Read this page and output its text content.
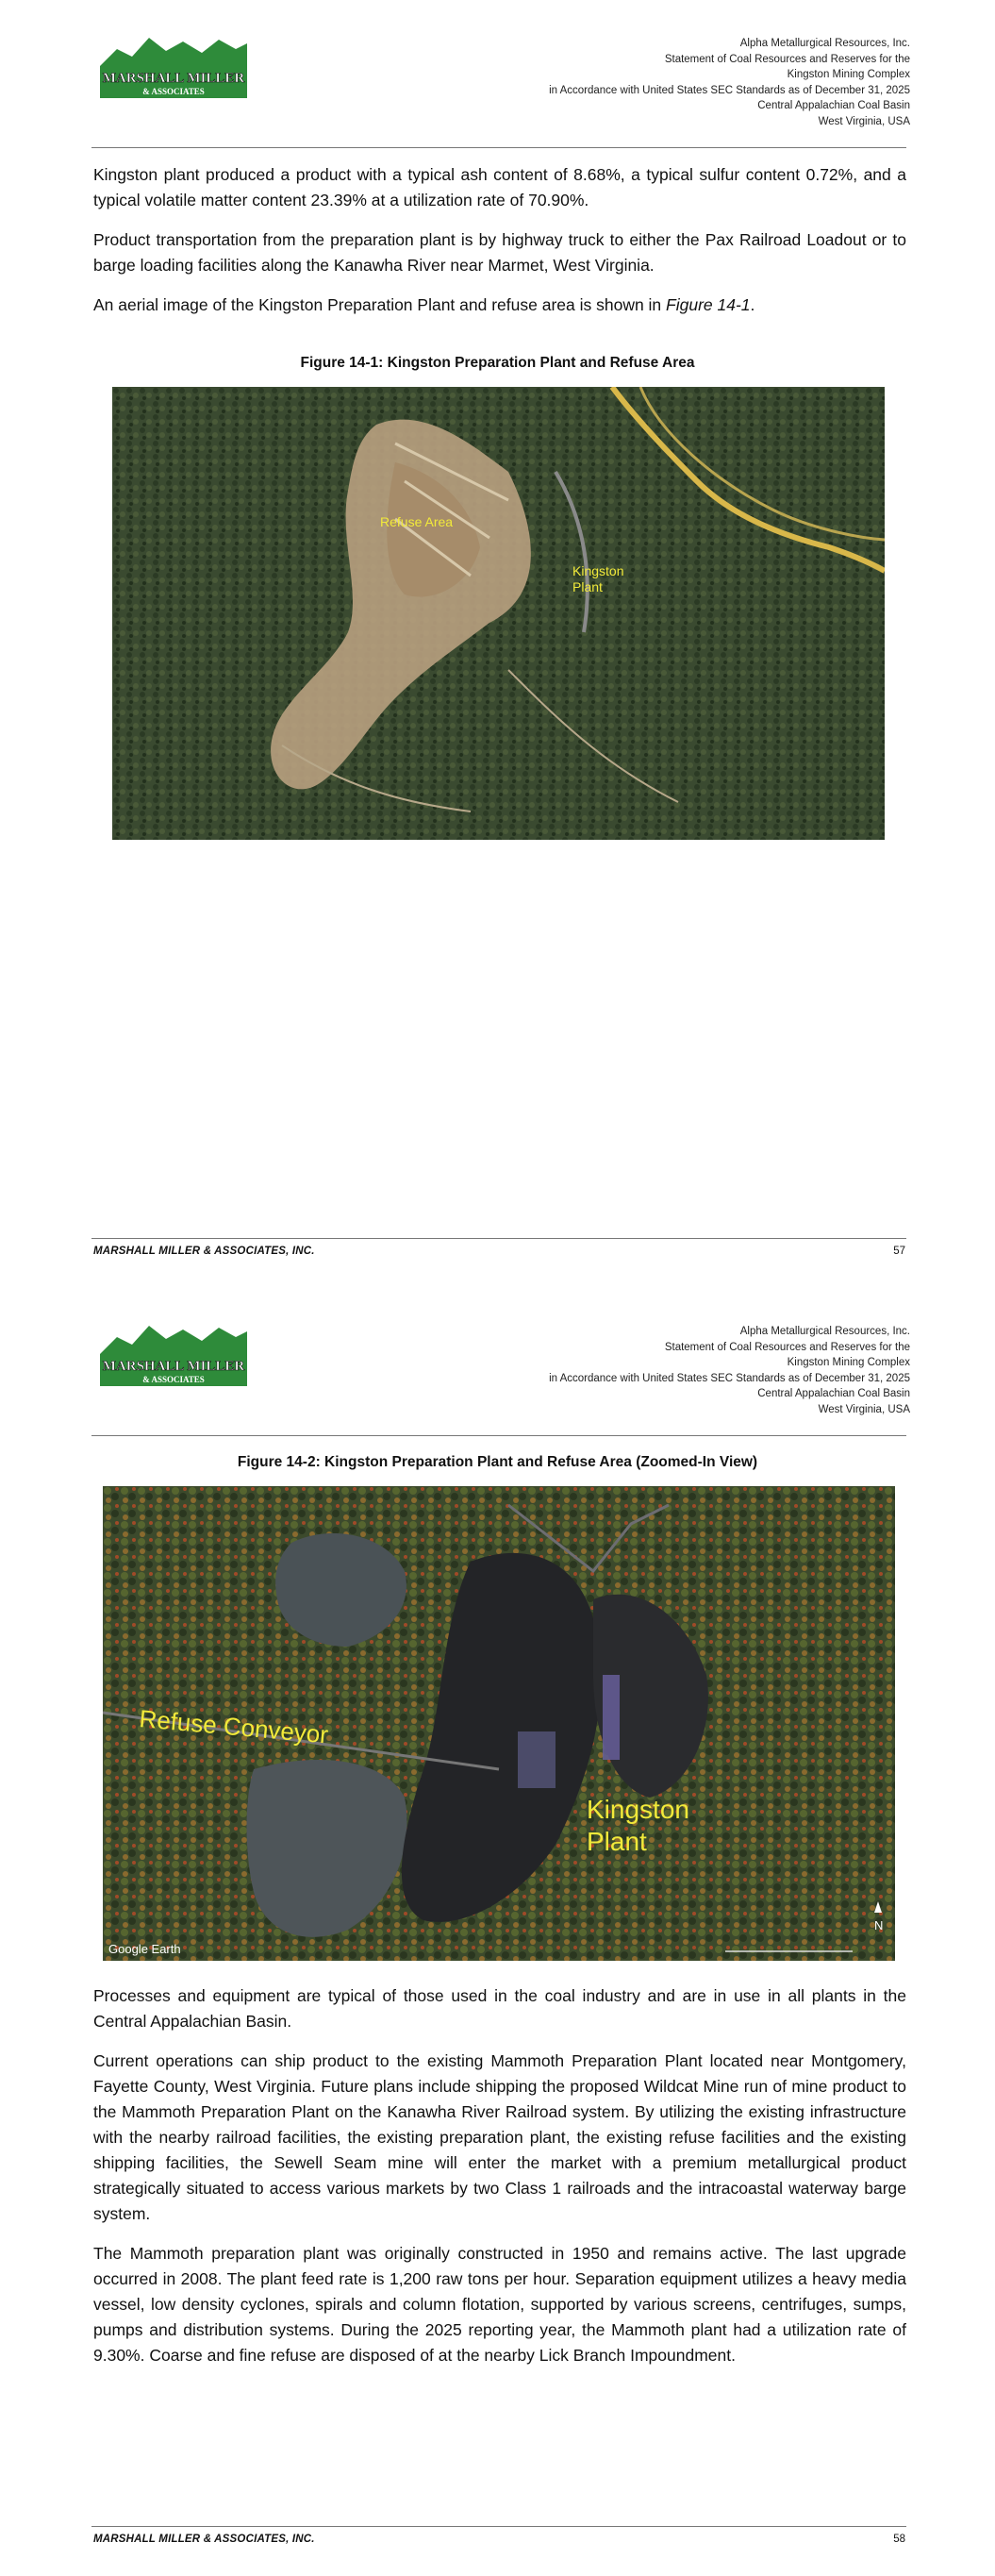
MARSHALL MILLER
& ASSOCIATES
Alpha Metallurgical Resources, Inc.
Statement of Coal Resources and Reserves for the
Kingston Mining Complex
in Accordance with United States SEC Standards as of December 31, 2025
Central Appalachian Coal Basin
West Virginia, USA

Kingston plant produced a product with a typical ash content of 8.68%, a typical sulfur content 0.72%, and a typical volatile matter content 23.39% at a utilization rate of 70.90%.

Product transportation from the preparation plant is by highway truck to either the Pax Railroad Loadout or to barge loading facilities along the Kanawha River near Marmet, West Virginia.

An aerial image of the Kingston Preparation Plant and refuse area is shown in Figure 14-1.

Figure 14-1: Kingston Preparation Plant and Refuse Area
Refuse Area
Kingston
Plant
MARSHALL MILLER & ASSOCIATES, INC.	57
MARSHALL MILLER
& ASSOCIATES
Alpha Metallurgical Resources, Inc.
Statement of Coal Resources and Reserves for the
Kingston Mining Complex
in Accordance with United States SEC Standards as of December 31, 2025
Central Appalachian Coal Basin
West Virginia, USA
Figure 14-2: Kingston Preparation Plant and Refuse Area (Zoomed-In View)
Refuse Conveyor
Kingston
Plant
Google Earth
N

Processes and equipment are typical of those used in the coal industry and are in use in all plants in the Central Appalachian Basin.

Current operations can ship product to the existing Mammoth Preparation Plant located near Montgomery, Fayette County, West Virginia. Future plans include shipping the proposed Wildcat Mine run of mine product to the Mammoth Preparation Plant on the Kanawha River Railroad system. By utilizing the existing infrastructure with the nearby railroad facilities, the existing preparation plant, the existing refuse facilities and the existing shipping facilities, the Sewell Seam mine will enter the market with a premium metallurgical product strategically situated to access various markets by two Class 1 railroads and the intracoastal waterway barge system.

The Mammoth preparation plant was originally constructed in 1950 and remains active. The last upgrade occurred in 2008. The plant feed rate is 1,200 raw tons per hour. Separation equipment utilizes a heavy media vessel, low density cyclones, spirals and column flotation, supported by various screens, centrifuges, sumps, pumps and distribution systems. During the 2025 reporting year, the Mammoth plant had a utilization rate of 9.30%. Coarse and fine refuse are disposed of at the nearby Lick Branch Impoundment.

MARSHALL MILLER & ASSOCIATES, INC.	58
